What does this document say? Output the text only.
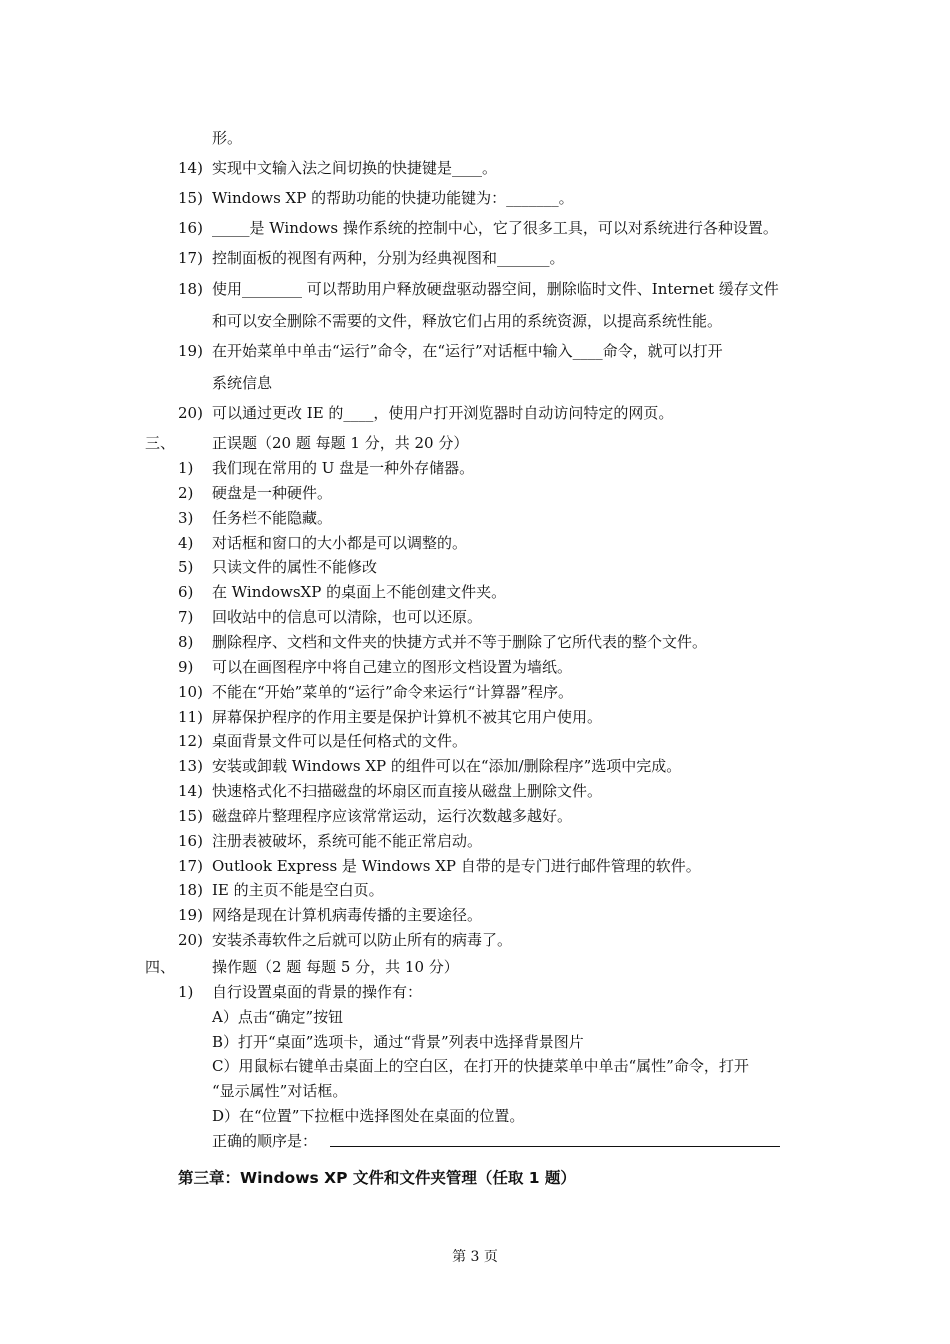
形。
14) 实现中文输入法之间切换的快捷键是____。
15) Windows XP 的帮助功能的快捷功能键为：_______。
16) _____是 Windows 操作系统的控制中心，它了很多工具，可以对系统进行各种设置。
17) 控制面板的视图有两种，分别为经典视图和_______。
18) 使用________ 可以帮助用户释放硬盘驱动器空间，删除临时文件、Internet 缓存文件
和可以安全删除不需要的文件，释放它们占用的系统资源，以提高系统性能。
19) 在开始菜单中单击“运行”命令，在“运行”对话框中输入____命令，就可以打开
系统信息
20) 可以通过更改 IE 的____，使用户打开浏览器时自动访问特定的网页。
三、 正误题（20 题 每题 1 分，共 20 分）
1)	我们现在常用的 U 盘是一种外存储器。
2)	硬盘是一种硬件。
3)	任务栏不能隐藏。
4)	对话框和窗口的大小都是可以调整的。
5)	只读文件的属性不能修改
6)	在 WindowsXP 的桌面上不能创建文件夹。
7)	回收站中的信息可以清除，也可以还原。
8)	删除程序、文档和文件夹的快捷方式并不等于删除了它所代表的整个文件。
9)	可以在画图程序中将自己建立的图形文档设置为墙纸。
10) 不能在“开始”菜单的“运行”命令来运行“计算器”程序。
11) 屏幕保护程序的作用主要是保护计算机不被其它用户使用。
12) 桌面背景文件可以是任何格式的文件。
13) 安装或卸载 Windows XP 的组件可以在“添加/删除程序”选项中完成。
14) 快速格式化不扫描磁盘的坏扇区而直接从磁盘上删除文件。
15) 磁盘碎片整理程序应该常常运动，运行次数越多越好。
16) 注册表被破坏，系统可能不能正常启动。
17) Outlook Express 是 Windows XP 自带的是专门进行邮件管理的软件。
18) IE 的主页不能是空白页。
19) 网络是现在计算机病毒传播的主要途径。
20) 安装杀毒软件之后就可以防止所有的病毒了。
四、 操作题（2 题 每题 5 分，共 10 分）
1)	自行设置桌面的背景的操作有：
A）点击“确定”按钮
B）打开“桌面”选项卡，通过“背景”列表中选择背景图片
C）用鼠标右键单击桌面上的空白区，在打开的快捷菜单中单击“属性”命令，打开
“显示属性”对话框。
D）在“位置”下拉框中选择图处在桌面的位置。
正确的顺序是：
第三章：Windows XP 文件和文件夹管理（任取 1 题）
第 3 页
